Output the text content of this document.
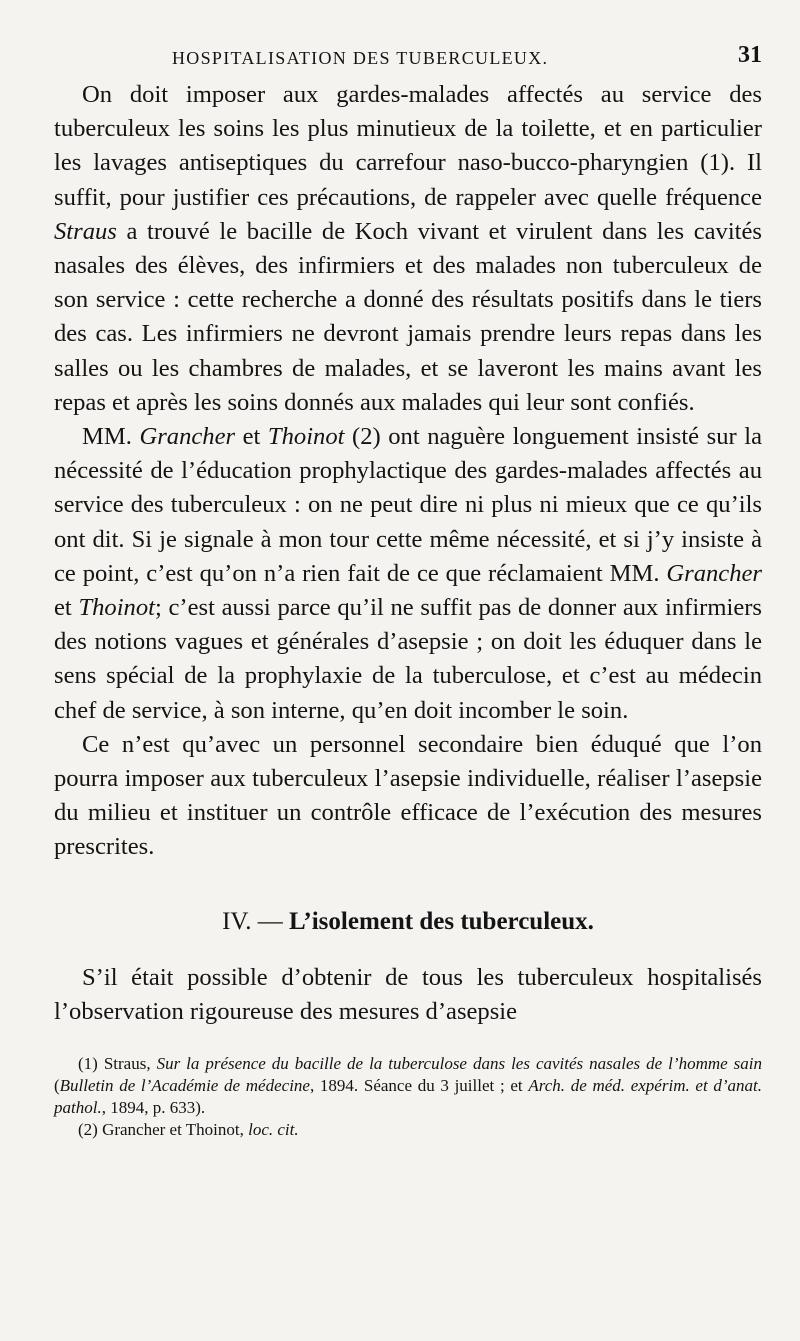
HOSPITALISATION DES TUBERCULEUX.	31

On doit imposer aux gardes-malades affectés au service des tuberculeux les soins les plus minutieux de la toilette, et en particulier les lavages antiseptiques du carrefour naso-bucco-pharyngien (1). Il suffit, pour justifier ces précautions, de rappeler avec quelle fréquence Straus a trouvé le bacille de Koch vivant et virulent dans les cavités nasales des élèves, des infirmiers et des malades non tuberculeux de son service : cette recherche a donné des résultats positifs dans le tiers des cas. Les infirmiers ne devront jamais prendre leurs repas dans les salles ou les chambres de malades, et se laveront les mains avant les repas et après les soins donnés aux malades qui leur sont confiés.

MM. Grancher et Thoinot (2) ont naguère longuement insisté sur la nécessité de l’éducation prophylactique des gardes-malades affectés au service des tuberculeux : on ne peut dire ni plus ni mieux que ce qu’ils ont dit. Si je signale à mon tour cette même nécessité, et si j’y insiste à ce point, c’est qu’on n’a rien fait de ce que réclamaient MM. Grancher et Thoinot; c’est aussi parce qu’il ne suffit pas de donner aux infirmiers des notions vagues et générales d’asepsie ; on doit les éduquer dans le sens spécial de la prophylaxie de la tuberculose, et c’est au médecin chef de service, à son interne, qu’en doit incomber le soin.

Ce n’est qu’avec un personnel secondaire bien éduqué que l’on pourra imposer aux tuberculeux l’asepsie individuelle, réaliser l’asepsie du milieu et instituer un contrôle efficace de l’exécution des mesures prescrites.

IV. — L’isolement des tuberculeux.

S’il était possible d’obtenir de tous les tuberculeux hospitalisés l’observation rigoureuse des mesures d’asepsie

(1) Straus, Sur la présence du bacille de la tuberculose dans les cavités nasales de l’homme sain (Bulletin de l’Académie de médecine, 1894. Séance du 3 juillet ; et Arch. de méd. expérim. et d’anat. pathol., 1894, p. 633).

(2) Grancher et Thoinot, loc. cit.
